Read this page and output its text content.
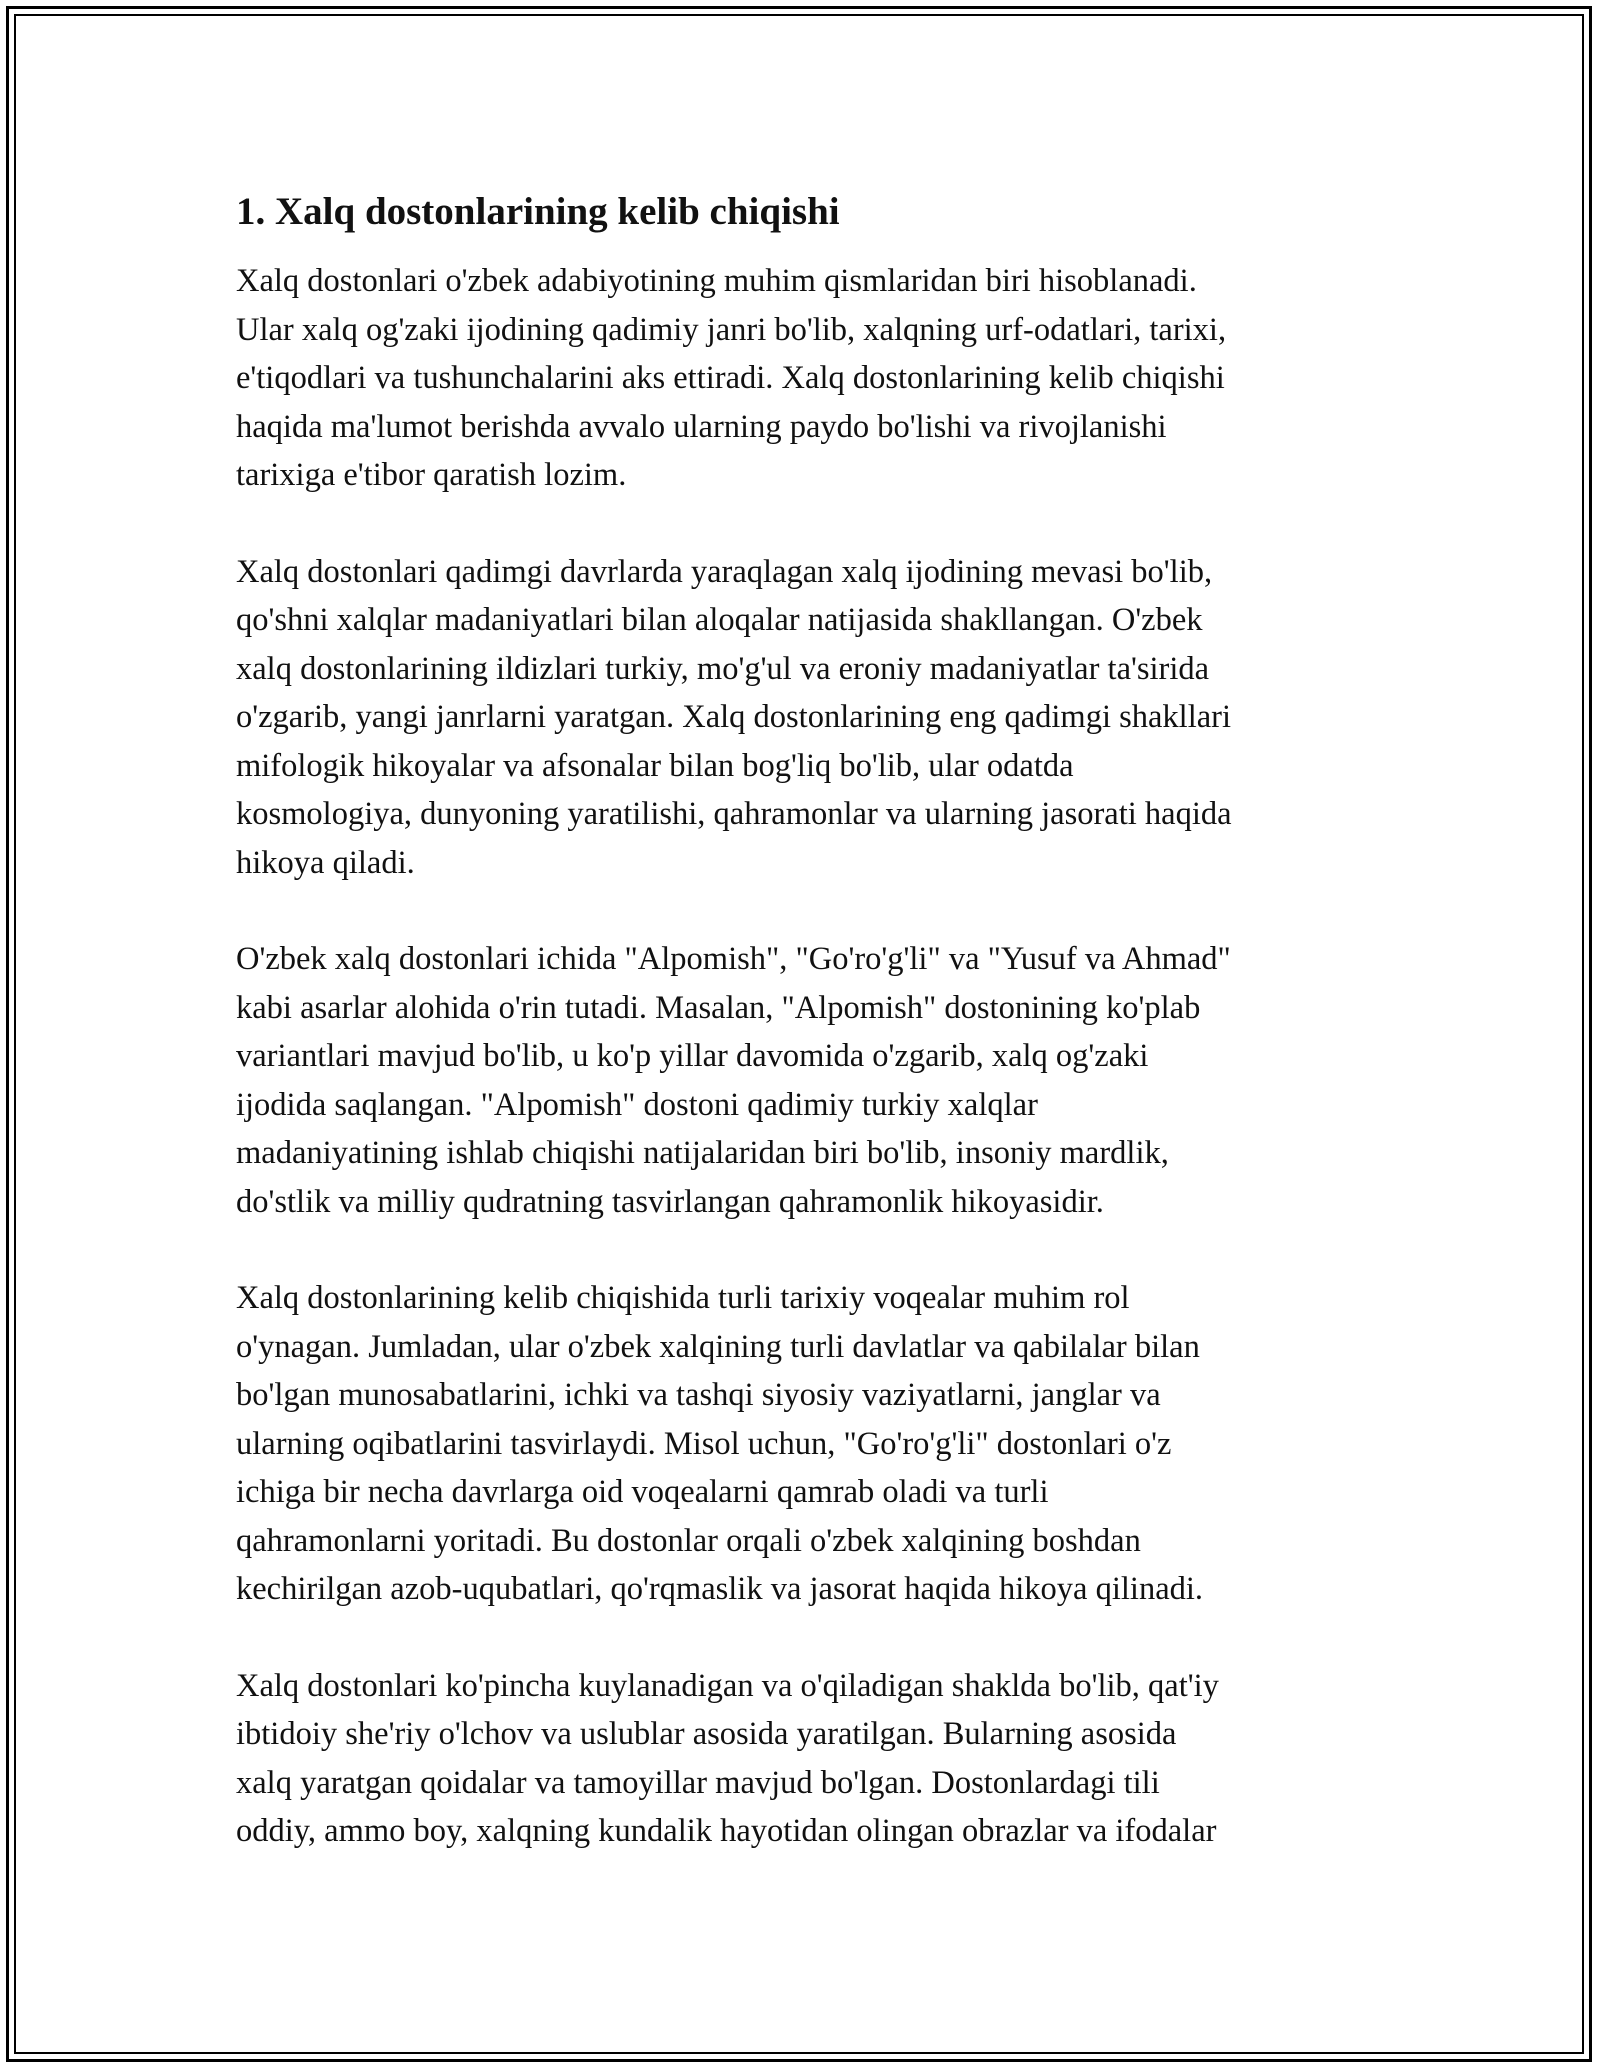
1. Xalq dostonlarining kelib chiqishi

Xalq dostonlari o'zbek adabiyotining muhim qismlaridan biri hisoblanadi.
Ular xalq og'zaki ijodining qadimiy janri bo'lib, xalqning urf-odatlari, tarixi,
e'tiqodlari va tushunchalarini aks ettiradi. Xalq dostonlarining kelib chiqishi
haqida ma'lumot berishda avvalo ularning paydo bo'lishi va rivojlanishi
tarixiga e'tibor qaratish lozim.

Xalq dostonlari qadimgi davrlarda yaraqlagan xalq ijodining mevasi bo'lib,
qo'shni xalqlar madaniyatlari bilan aloqalar natijasida shakllangan. O'zbek
xalq dostonlarining ildizlari turkiy, mo'g'ul va eroniy madaniyatlar ta'sirida
o'zgarib, yangi janrlarni yaratgan. Xalq dostonlarining eng qadimgi shakllari
mifologik hikoyalar va afsonalar bilan bog'liq bo'lib, ular odatda
kosmologiya, dunyoning yaratilishi, qahramonlar va ularning jasorati haqida
hikoya qiladi.

O'zbek xalq dostonlari ichida "Alpomish", "Go'ro'g'li" va "Yusuf va Ahmad"
kabi asarlar alohida o'rin tutadi. Masalan, "Alpomish" dostonining ko'plab
variantlari mavjud bo'lib, u ko'p yillar davomida o'zgarib, xalq og'zaki
ijodida saqlangan. "Alpomish" dostoni qadimiy turkiy xalqlar
madaniyatining ishlab chiqishi natijalaridan biri bo'lib, insoniy mardlik,
do'stlik va milliy qudratning tasvirlangan qahramonlik hikoyasidir.

Xalq dostonlarining kelib chiqishida turli tarixiy voqealar muhim rol
o'ynagan. Jumladan, ular o'zbek xalqining turli davlatlar va qabilalar bilan
bo'lgan munosabatlarini, ichki va tashqi siyosiy vaziyatlarni, janglar va
ularning oqibatlarini tasvirlaydi. Misol uchun, "Go'ro'g'li" dostonlari o'z
ichiga bir necha davrlarga oid voqealarni qamrab oladi va turli
qahramonlarni yoritadi. Bu dostonlar orqali o'zbek xalqining boshdan
kechirilgan azob-uqubatlari, qo'rqmaslik va jasorat haqida hikoya qilinadi.

Xalq dostonlari ko'pincha kuylanadigan va o'qiladigan shaklda bo'lib, qat'iy
ibtidoiy she'riy o'lchov va uslublar asosida yaratilgan. Bularning asosida
xalq yaratgan qoidalar va tamoyillar mavjud bo'lgan. Dostonlardagi tili
oddiy, ammo boy, xalqning kundalik hayotidan olingan obrazlar va ifodalar
